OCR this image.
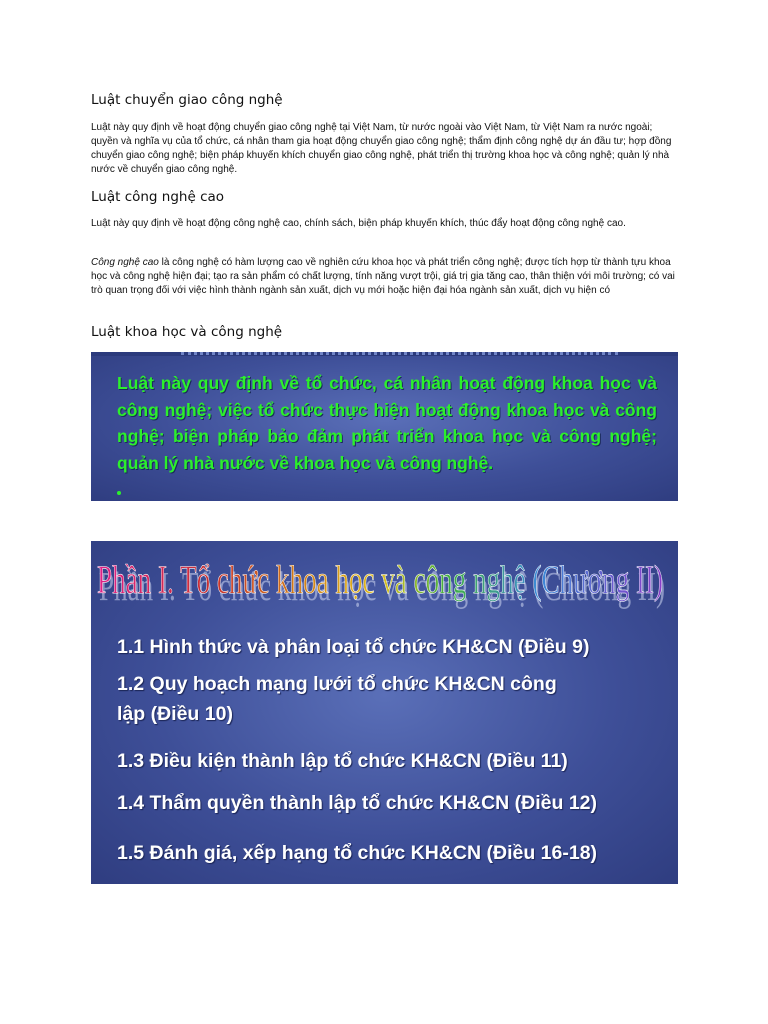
Luật chuyển giao công nghệ
Luật này quy định về hoạt động chuyển giao công nghệ tại Việt Nam, từ nước ngoài vào Việt Nam, từ Việt Nam ra nước ngoài; quyền và nghĩa vụ của tổ chức, cá nhân tham gia hoạt động chuyển giao công nghệ; thẩm định công nghệ dự án đầu tư; hợp đồng chuyển giao công nghệ; biện pháp khuyến khích chuyển giao công nghệ, phát triển thị trường khoa học và công nghệ; quản lý nhà nước về chuyển giao công nghệ.
Luật công nghệ cao
Luật này quy định về hoạt động công nghệ cao, chính sách, biện pháp khuyến khích, thúc đẩy hoạt động công nghệ cao.
Công nghệ cao là công nghệ có hàm lượng cao về nghiên cứu khoa học và phát triển công nghệ; được tích hợp từ thành tựu khoa học và công nghệ hiện đại; tạo ra sản phẩm có chất lượng, tính năng vượt trội, giá trị gia tăng cao, thân thiện với môi trường; có vai trò quan trọng đối với việc hình thành ngành sản xuất, dịch vụ mới hoặc hiện đại hóa ngành sản xuất, dịch vụ hiện có
Luật khoa học và công nghệ
Luật này quy định về tổ chức, cá nhân hoạt động khoa học và công nghệ; việc tổ chức thực hiện hoạt động khoa học và công nghệ; biện pháp bảo đảm phát triển khoa học và công nghệ; quản lý nhà nước về khoa học và công nghệ.
Phần I. Tổ chức khoa học và công nghệ (Chương II)
Phần I. Tổ chức khoa học và công nghệ (Chương II)
1.1 Hình thức và phân loại tổ chức KH&CN (Điều 9)
1.2 Quy hoạch mạng lưới tổ chức KH&CN công
lập (Điều 10)
1.3 Điều kiện thành lập tổ chức KH&CN (Điều 11)
1.4 Thẩm quyền thành lập tổ chức KH&CN (Điều 12)
1.5 Đánh giá, xếp hạng tổ chức KH&CN (Điều 16-18)
